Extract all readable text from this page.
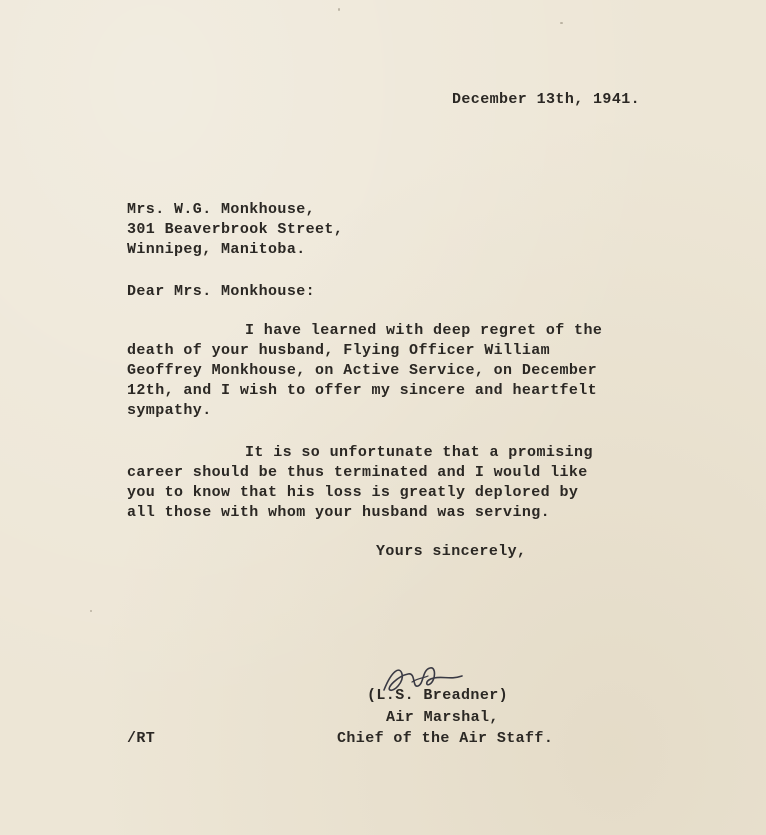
December 13th, 1941.
Mrs. W.G. Monkhouse,
301 Beaverbrook Street,
Winnipeg, Manitoba.
Dear Mrs. Monkhouse:
I have learned with deep regret of the
death of your husband, Flying Officer William
Geoffrey Monkhouse, on Active Service, on December
12th, and I wish to offer my sincere and heartfelt
sympathy.
It is so unfortunate that a promising
career should be thus terminated and I would like
you to know that his loss is greatly deplored by
all those with whom your husband was serving.
Yours sincerely,
(L.S. Breadner)
Air Marshal,
Chief of the Air Staff.
/RT
